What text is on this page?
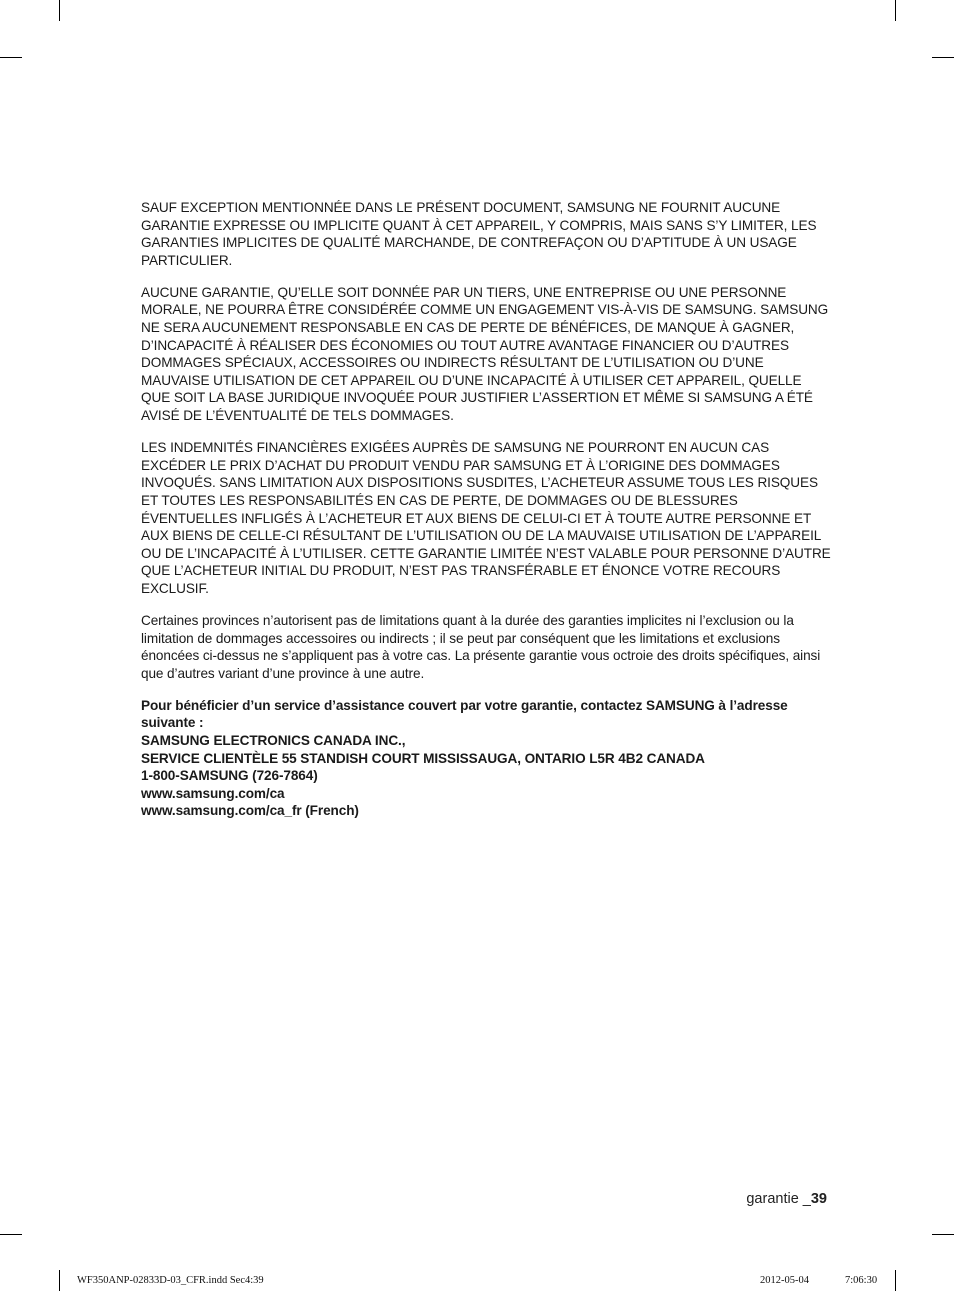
SAUF EXCEPTION MENTIONNÉE DANS LE PRÉSENT DOCUMENT, SAMSUNG NE FOURNIT AUCUNE GARANTIE EXPRESSE OU IMPLICITE QUANT À CET APPAREIL, Y COMPRIS, MAIS SANS S’Y LIMITER, LES GARANTIES IMPLICITES DE QUALITÉ MARCHANDE, DE CONTREFAÇON OU D’APTITUDE À UN USAGE PARTICULIER.

AUCUNE GARANTIE, QU’ELLE SOIT DONNÉE PAR UN TIERS, UNE ENTREPRISE OU UNE PERSONNE MORALE, NE POURRA ÊTRE CONSIDÉRÉE COMME UN ENGAGEMENT VIS-À-VIS DE SAMSUNG. SAMSUNG NE SERA AUCUNEMENT RESPONSABLE EN CAS DE PERTE DE BÉNÉFICES, DE MANQUE À GAGNER, D’INCAPACITÉ À RÉALISER DES ÉCONOMIES OU TOUT AUTRE AVANTAGE FINANCIER OU D’AUTRES DOMMAGES SPÉCIAUX, ACCESSOIRES OU INDIRECTS RÉSULTANT DE L’UTILISATION OU D’UNE MAUVAISE UTILISATION DE CET APPAREIL OU D’UNE INCAPACITÉ À UTILISER CET APPAREIL, QUELLE QUE SOIT LA BASE JURIDIQUE INVOQUÉE POUR JUSTIFIER L’ASSERTION ET MÊME SI SAMSUNG A ÉTÉ AVISÉ DE L’ÉVENTUALITÉ DE TELS DOMMAGES.

LES INDEMNITÉS FINANCIÈRES EXIGÉES AUPRÈS DE SAMSUNG NE POURRONT EN AUCUN CAS EXCÉDER LE PRIX D’ACHAT DU PRODUIT VENDU PAR SAMSUNG ET À L’ORIGINE DES DOMMAGES INVOQUÉS. SANS LIMITATION AUX DISPOSITIONS SUSDITES, L’ACHETEUR ASSUME TOUS LES RISQUES ET TOUTES LES RESPONSABILITÉS EN CAS DE PERTE, DE DOMMAGES OU DE BLESSURES ÉVENTUELLES INFLIGÉS À L’ACHETEUR ET AUX BIENS DE CELUI-CI ET À TOUTE AUTRE PERSONNE ET AUX BIENS DE CELLE-CI RÉSULTANT DE L’UTILISATION OU DE LA MAUVAISE UTILISATION DE L’APPAREIL OU DE L’INCAPACITÉ À L’UTILISER. CETTE GARANTIE LIMITÉE N’EST VALABLE POUR PERSONNE D’AUTRE QUE L’ACHETEUR INITIAL DU PRODUIT, N’EST PAS TRANSFÉRABLE ET ÉNONCE VOTRE RECOURS EXCLUSIF.

Certaines provinces n’autorisent pas de limitations quant à la durée des garanties implicites ni l’exclusion ou la limitation de dommages accessoires ou indirects ; il se peut par conséquent que les limitations et exclusions énoncées ci-dessus ne s’appliquent pas à votre cas. La présente garantie vous octroie des droits spécifiques, ainsi que d’autres variant d’une province à une autre.

Pour bénéficier d’un service d’assistance couvert par votre garantie, contactez SAMSUNG à l’adresse suivante :

SAMSUNG ELECTRONICS CANADA INC.,

SERVICE CLIENTÈLE 55 STANDISH COURT MISSISSAUGA, ONTARIO L5R 4B2 CANADA

1-800-SAMSUNG (726-7864)

www.samsung.com/ca

www.samsung.com/ca_fr (French)

garantie _39
WF350ANP-02833D-03_CFR.indd Sec4:39	2012-05-04	7:06:30
